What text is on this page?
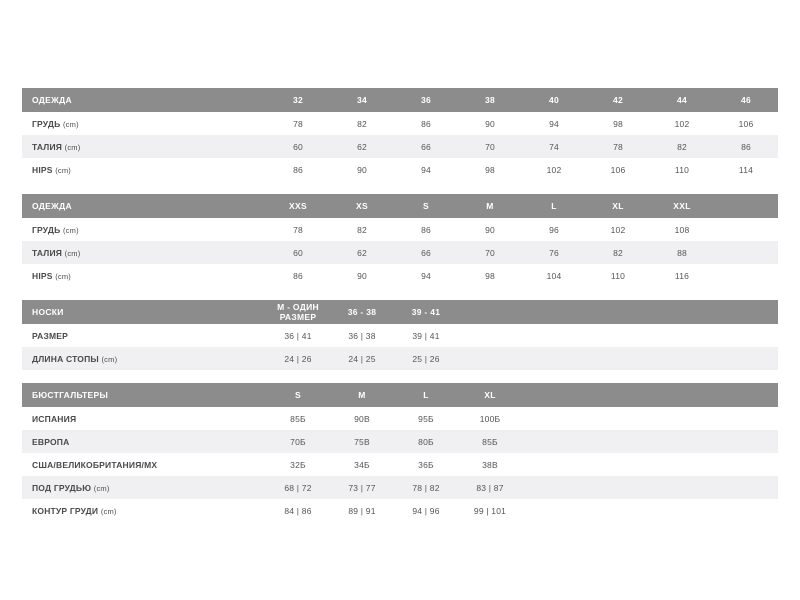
ОДЕЖДА	32	34	36	38	40	42	44	46
ГРУДЬ (cm)	78	82	86	90	94	98	102	106
ТАЛИЯ (cm)	60	62	66	70	74	78	82	86
HIPS (cm)	86	90	94	98	102	106	110	114
ОДЕЖДА	XXS	XS	S	M	L	XL	XXL	
ГРУДЬ (cm)	78	82	86	90	96	102	108	
ТАЛИЯ (cm)	60	62	66	70	76	82	88	
HIPS (cm)	86	90	94	98	104	110	116	
НОСКИ	M - ОДИН РАЗМЕР	36 - 38	39 - 41					
РАЗМЕР	36 | 41	36 | 38	39 | 41					
ДЛИНА СТОПЫ (cm)	24 | 26	24 | 25	25 | 26					
БЮСТГАЛЬТЕРЫ	S	M	L	XL				
ИСПАНИЯ	85Б	90В	95Б	100Б				
ЕВРОПА	70Б	75В	80Б	85Б				
США/ВЕЛИКОБРИТАНИЯ/МХ	32Б	34Б	36Б	38В				
ПОД ГРУДЬЮ (cm)	68 | 72	73 | 77	78 | 82	83 | 87				
КОНТУР ГРУДИ (cm)	84 | 86	89 | 91	94 | 96	99 | 101				
